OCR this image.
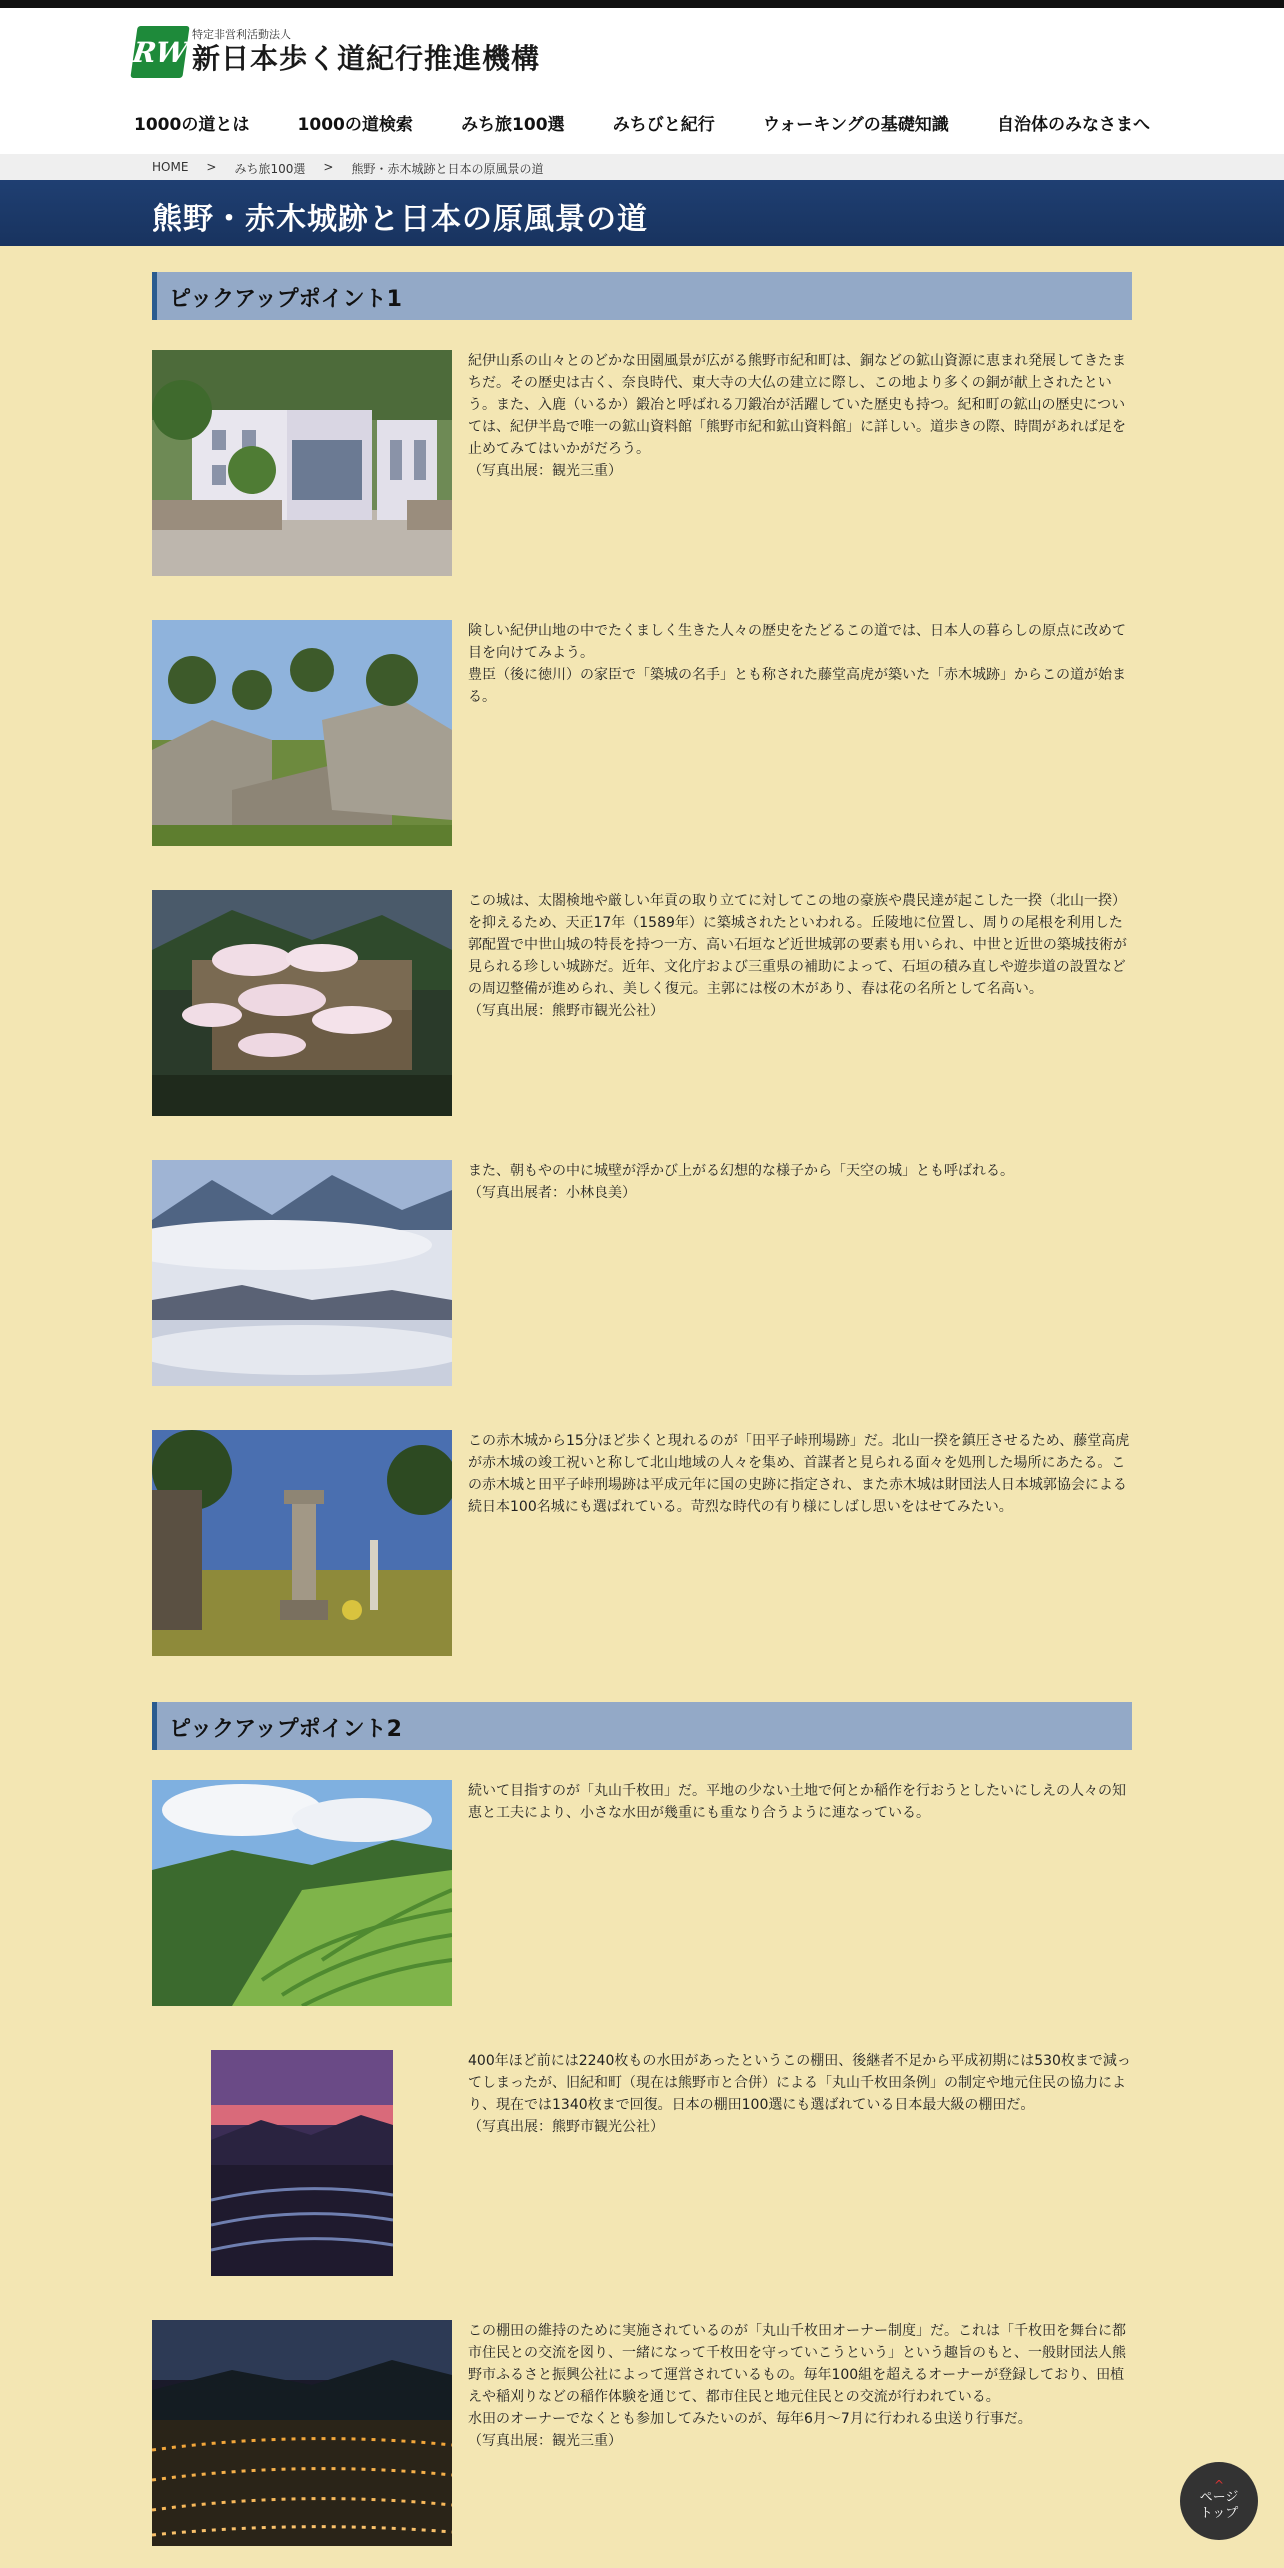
RW
特定非営利活動法人
新日本歩く道紀行推進機構
1000の道とは	1000の道検索	みち旅100選	みちびと紀行	ウォーキングの基礎知識	自治体のみなさまへ
HOME > みち旅100選 > 熊野・赤木城跡と日本の原風景の道
熊野・赤木城跡と日本の原風景の道
ピックアップポイント1

紀伊山系の山々とのどかな田園風景が広がる熊野市紀和町は、銅などの鉱山資源に恵まれ発展してきたまちだ。その歴史は古く、奈良時代、東大寺の大仏の建立に際し、この地より多くの銅が献上されたという。また、入鹿（いるか）鍛冶と呼ばれる刀鍛冶が活躍していた歴史も持つ。紀和町の鉱山の歴史については、紀伊半島で唯一の鉱山資料館「熊野市紀和鉱山資料館」に詳しい。道歩きの際、時間があれば足を止めてみてはいかがだろう。

（写真出展：観光三重）

険しい紀伊山地の中でたくましく生きた人々の歴史をたどるこの道では、日本人の暮らしの原点に改めて目を向けてみよう。

豊臣（後に徳川）の家臣で「築城の名手」とも称された藤堂高虎が築いた「赤木城跡」からこの道が始まる。

この城は、太閤検地や厳しい年貢の取り立てに対してこの地の豪族や農民達が起こした一揆（北山一揆）を抑えるため、天正17年（1589年）に築城されたといわれる。丘陵地に位置し、周りの尾根を利用した郭配置で中世山城の特長を持つ一方、高い石垣など近世城郭の要素も用いられ、中世と近世の築城技術が見られる珍しい城跡だ。近年、文化庁および三重県の補助によって、石垣の積み直しや遊歩道の設置などの周辺整備が進められ、美しく復元。主郭には桜の木があり、春は花の名所として名高い。

（写真出展：熊野市観光公社）

また、朝もやの中に城壁が浮かび上がる幻想的な様子から「天空の城」とも呼ばれる。

（写真出展者：小林良美）

この赤木城から15分ほど歩くと現れるのが「田平子峠刑場跡」だ。北山一揆を鎮圧させるため、藤堂高虎が赤木城の竣工祝いと称して北山地域の人々を集め、首謀者と見られる面々を処刑した場所にあたる。この赤木城と田平子峠刑場跡は平成元年に国の史跡に指定され、また赤木城は財団法人日本城郭協会による続日本100名城にも選ばれている。苛烈な時代の有り様にしばし思いをはせてみたい。

ピックアップポイント2

続いて目指すのが「丸山千枚田」だ。平地の少ない土地で何とか稲作を行おうとしたいにしえの人々の知恵と工夫により、小さな水田が幾重にも重なり合うように連なっている。

400年ほど前には2240枚もの水田があったというこの棚田、後継者不足から平成初期には530枚まで減ってしまったが、旧紀和町（現在は熊野市と合併）による「丸山千枚田条例」の制定や地元住民の協力により、現在では1340枚まで回復。日本の棚田100選にも選ばれている日本最大級の棚田だ。

（写真出展：熊野市観光公社）

この棚田の維持のために実施されているのが「丸山千枚田オーナー制度」だ。これは「千枚田を舞台に都市住民との交流を図り、一緒になって千枚田を守っていこうという」という趣旨のもと、一般財団法人熊野市ふるさと振興公社によって運営されているもの。毎年100組を超えるオーナーが登録しており、田植えや稲刈りなどの稲作体験を通じて、都市住民と地元住民との交流が行われている。

水田のオーナーでなくとも参加してみたいのが、毎年6月～7月に行われる虫送り行事だ。

（写真出展：観光三重）

^
ページ
トップ
